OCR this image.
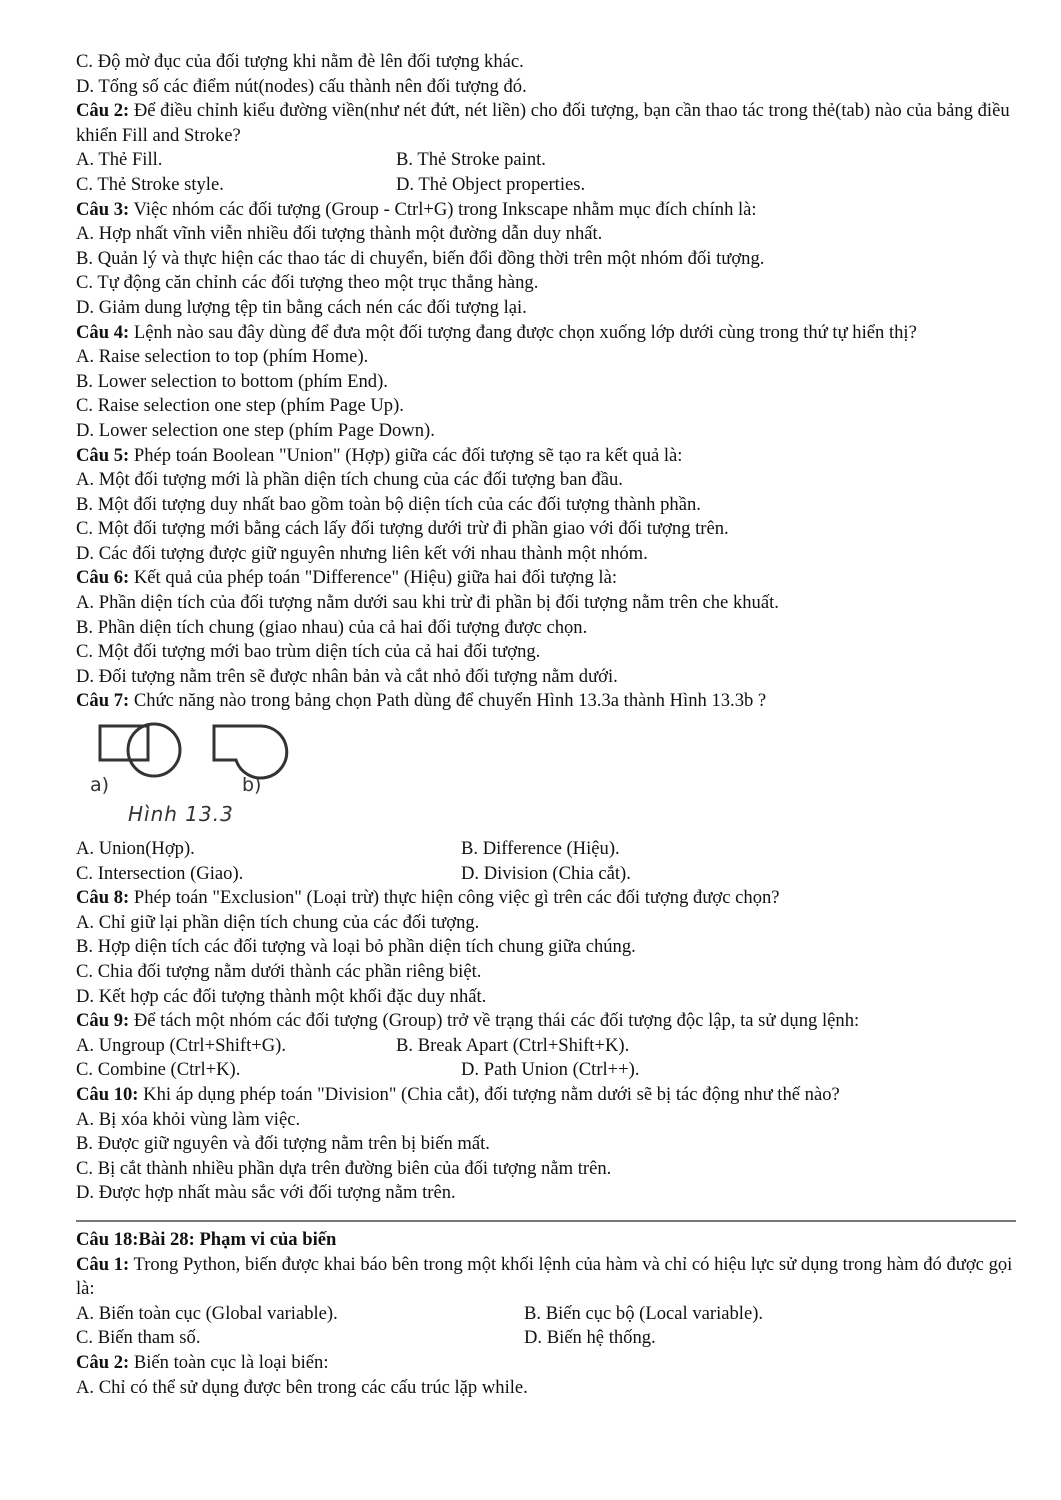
C. Độ mờ đục của đối tượng khi nằm đè lên đối tượng khác.
D. Tổng số các điểm nút(nodes) cấu thành nên đối tượng đó.
Câu 2: Để điều chỉnh kiểu đường viền(như nét đứt, nét liền) cho đối tượng, bạn cần thao tác trong thẻ(tab) nào của bảng điều khiển Fill and Stroke?
A. Thẻ Fill.	B. Thẻ Stroke paint.
C. Thẻ Stroke style.	D. Thẻ Object properties.
Câu 3: Việc nhóm các đối tượng (Group - Ctrl+G) trong Inkscape nhằm mục đích chính là:
A. Hợp nhất vĩnh viễn nhiều đối tượng thành một đường dẫn duy nhất.
B. Quản lý và thực hiện các thao tác di chuyển, biến đổi đồng thời trên một nhóm đối tượng.
C. Tự động căn chỉnh các đối tượng theo một trục thẳng hàng.
D. Giảm dung lượng tệp tin bằng cách nén các đối tượng lại.
Câu 4: Lệnh nào sau đây dùng để đưa một đối tượng đang được chọn xuống lớp dưới cùng trong thứ tự hiển thị?
A. Raise selection to top (phím Home).
B. Lower selection to bottom (phím End).
C. Raise selection one step (phím Page Up).
D. Lower selection one step (phím Page Down).
Câu 5: Phép toán Boolean "Union" (Hợp) giữa các đối tượng sẽ tạo ra kết quả là:
A. Một đối tượng mới là phần diện tích chung của các đối tượng ban đầu.
B. Một đối tượng duy nhất bao gồm toàn bộ diện tích của các đối tượng thành phần.
C. Một đối tượng mới bằng cách lấy đối tượng dưới trừ đi phần giao với đối tượng trên.
D. Các đối tượng được giữ nguyên nhưng liên kết với nhau thành một nhóm.
Câu 6: Kết quả của phép toán "Difference" (Hiệu) giữa hai đối tượng là:
A. Phần diện tích của đối tượng nằm dưới sau khi trừ đi phần bị đối tượng nằm trên che khuất.
B. Phần diện tích chung (giao nhau) của cả hai đối tượng được chọn.
C. Một đối tượng mới bao trùm diện tích của cả hai đối tượng.
D. Đối tượng nằm trên sẽ được nhân bản và cắt nhỏ đối tượng nằm dưới.
Câu 7: Chức năng nào trong bảng chọn Path dùng để chuyển Hình 13.3a thành Hình 13.3b ?
a)	b)
Hình 13.3
A. Union(Hợp).	B. Difference (Hiệu).
C. Intersection (Giao).	D. Division (Chia cắt).
Câu 8: Phép toán "Exclusion" (Loại trừ) thực hiện công việc gì trên các đối tượng được chọn?
A. Chỉ giữ lại phần diện tích chung của các đối tượng.
B. Hợp diện tích các đối tượng và loại bỏ phần diện tích chung giữa chúng.
C. Chia đối tượng nằm dưới thành các phần riêng biệt.
D. Kết hợp các đối tượng thành một khối đặc duy nhất.
Câu 9: Để tách một nhóm các đối tượng (Group) trở về trạng thái các đối tượng độc lập, ta sử dụng lệnh:
A. Ungroup (Ctrl+Shift+G).	B. Break Apart (Ctrl+Shift+K).
C. Combine (Ctrl+K).	D. Path Union (Ctrl++).
Câu 10: Khi áp dụng phép toán "Division" (Chia cắt), đối tượng nằm dưới sẽ bị tác động như thế nào?
A. Bị xóa khỏi vùng làm việc.
B. Được giữ nguyên và đối tượng nằm trên bị biến mất.
C. Bị cắt thành nhiều phần dựa trên đường biên của đối tượng nằm trên.
D. Được hợp nhất màu sắc với đối tượng nằm trên.
Câu 18:Bài 28: Phạm vi của biến
Câu 1: Trong Python, biến được khai báo bên trong một khối lệnh của hàm và chỉ có hiệu lực sử dụng trong hàm đó được gọi là:
A. Biến toàn cục (Global variable).	B. Biến cục bộ (Local variable).
C. Biến tham số.	D. Biến hệ thống.
Câu 2: Biến toàn cục là loại biến:
A. Chỉ có thể sử dụng được bên trong các cấu trúc lặp while.
